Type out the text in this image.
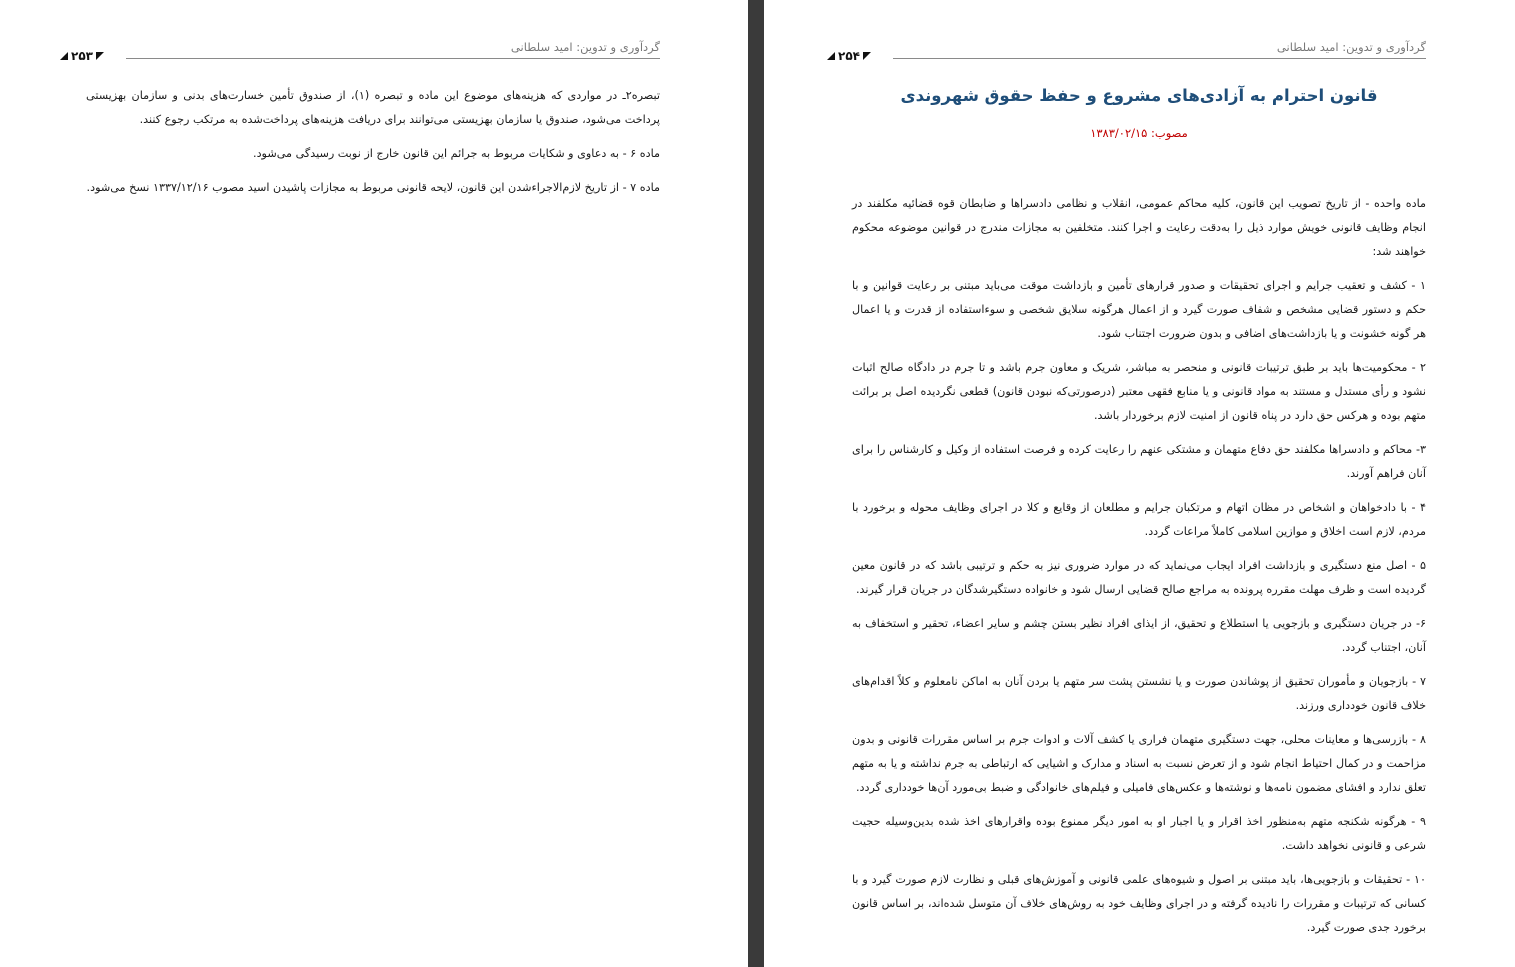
گردآوری و تدوین: امید سلطانی
۲۵۳

تبصره۲ـ در مواردی که هزینه‌های موضوع این ماده و تبصره (۱)، از صندوق تأمین خسارت‌های بدنی و سازمان بهزیستی پرداخت می‌شود، صندوق یا سازمان بهزیستی می‌توانند برای دریافت هزینه‌های پرداخت‌شده به مرتکب رجوع کنند.

ماده ۶ - به دعاوی و شکایات مربوط به جرائم این قانون خارج از نوبت رسیدگی می‌شود.

ماده ۷ - از تاریخ لازم‌الاجراءشدن این قانون، لایحه قانونی مربوط به مجازات پاشیدن اسید مصوب ۱۳۳۷/۱۲/۱۶ نسخ می‌شود.

گردآوری و تدوین: امید سلطانی
۲۵۴
قانون احترام به آزادی‌های مشروع و حفظ حقوق شهروندی
مصوب: ۱۳۸۳/۰۲/۱۵

ماده واحده - از تاریخ تصویب این قانون، کلیه محاکم عمومی، انقلاب و نظامی دادسراها و ضابطان قوه قضائیه مکلفند در انجام وظایف قانونی خویش موارد ذیل را به‌دقت رعایت و اجرا کنند. متخلفین به مجازات مندرج در قوانین موضوعه محکوم خواهند شد:

۱ - کشف و تعقیب جرایم و اجرای تحقیقات و صدور قرارهای تأمین و بازداشت موقت می‌باید مبتنی بر رعایت قوانین و با حکم و دستور قضایی مشخص و شفاف صورت گیرد و از اعمال هرگونه سلایق شخصی و سوءاستفاده از قدرت و یا اعمال هر گونه خشونت و یا بازداشت‌های اضافی و بدون ضرورت اجتناب شود.

۲ - محکومیت‌ها باید بر طبق ترتیبات قانونی و منحصر به مباشر، شریک و معاون جرم باشد و تا جرم در دادگاه صالح اثبات نشود و رأی مستدل و مستند به مواد قانونی و یا منابع فقهی معتبر (درصورتی‌که نبودن قانون) قطعی نگردیده اصل بر برائت متهم بوده و هرکس حق دارد در پناه قانون از امنیت لازم برخوردار باشد.

۳- محاکم و دادسراها مکلفند حق دفاع متهمان و مشتکی عنهم را رعایت کرده و فرصت استفاده از وکیل و کارشناس را برای آنان فراهم آورند.

۴ - با دادخواهان و اشخاص در مظان اتهام و مرتکبان جرایم و مطلعان از وقایع و کلا در اجرای وظایف محوله و برخورد با مردم، لازم است اخلاق و موازین اسلامی کاملاً مراعات گردد.

۵ - اصل منع دستگیری و بازداشت افراد ایجاب می‌نماید که در موارد ضروری نیز به حکم و ترتیبی باشد که در قانون معین گردیده است و ظرف مهلت مقرره پرونده به مراجع صالح قضایی ارسال شود و خانواده دستگیرشدگان در جریان قرار گیرند.

۶- در جریان دستگیری و بازجویی یا استطلاع و تحقیق، از ایذای افراد نظیر بستن چشم و سایر اعضاء، تحقیر و استخفاف به آنان، اجتناب گردد.

۷ - بازجویان و مأموران تحقیق از پوشاندن صورت و یا نشستن پشت سر متهم یا بردن آنان به اماکن نامعلوم و کلاً اقدام‌های خلاف قانون خودداری ورزند.

۸ - بازرسی‌ها و معاینات محلی، جهت دستگیری متهمان فراری یا کشف آلات و ادوات جرم بر اساس مقررات قانونی و بدون مزاحمت و در کمال احتیاط انجام شود و از تعرض نسبت به اسناد و مدارک و اشیایی که ارتباطی به جرم نداشته و یا به متهم تعلق ندارد و افشای مضمون نامه‌ها و نوشته‌ها و عکس‌های فامیلی و فیلم‌های خانوادگی و ضبط بی‌مورد آن‌ها خودداری گردد.

۹ - هرگونه شکنجه متهم به‌منظور اخذ اقرار و یا اجبار او به امور دیگر ممنوع بوده واقرارهای اخذ شده بدین‌وسیله حجیت شرعی و قانونی نخواهد داشت.

۱۰ - تحقیقات و بازجویی‌ها، باید مبتنی بر اصول و شیوه‌های علمی قانونی و آموزش‌های قبلی و نظارت لازم صورت گیرد و با کسانی که ترتیبات و مقررات را نادیده گرفته و در اجرای وظایف خود به روش‌های خلاف آن متوسل شده‌اند، بر اساس قانون برخورد جدی صورت گیرد.
